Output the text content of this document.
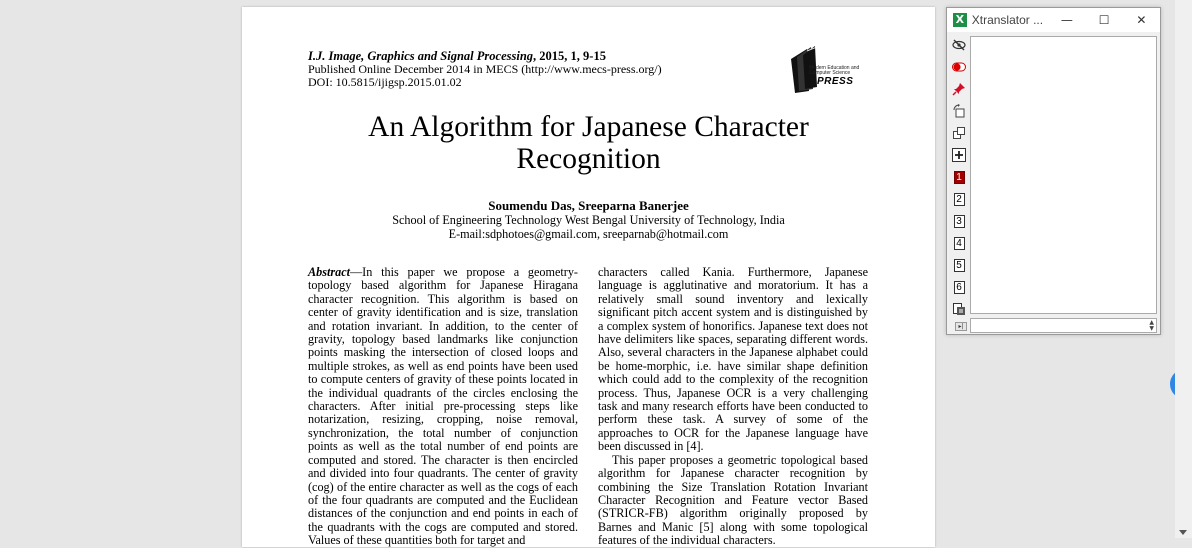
I.J. Image, Graphics and Signal Processing, 2015, 1, 9-15
Published Online December 2014 in MECS (http://www.mecs-press.org/)
DOI: 10.5815/ijigsp.2015.01.02
Modern Education and Computer Science
PRESS
An Algorithm for Japanese Character
Recognition
Soumendu Das, Sreeparna Banerjee
School of Engineering Technology West Bengal University of Technology, India
E-mail:sdphotoes@gmail.com, sreeparnab@hotmail.com

Abstract—In this paper we propose a geometry- topology based algorithm for Japanese Hiragana character recognition. This algorithm is based on center of gravity identification and is size, translation and rotation invariant. In addition, to the center of gravity, topology based landmarks like conjunction points masking the intersection of closed loops and multiple strokes, as well as end points have been used to compute centers of gravity of these points located in the individual quadrants of the circles enclosing the characters. After initial pre-processing steps like notarization, resizing, cropping, noise removal, synchronization, the total number of conjunction points as well as the total number of end points are computed and stored. The character is then encircled and divided into four quadrants. The center of gravity (cog) of the entire character as well as the cogs of each of the four quadrants are computed and the Euclidean distances of the conjunction and end points in each of the quadrants with the cogs are computed and stored. Values of these quantities both for target and

characters called Kania. Furthermore, Japanese language is agglutinative and moratorium. It has a relatively small sound inventory and lexically significant pitch accent system and is distinguished by a complex system of honorifics. Japanese text does not have delimiters like spaces, separating different words. Also, several characters in the Japanese alphabet could be home-morphic, i.e. have similar shape definition which could add to the complexity of the recognition process. Thus, Japanese OCR is a very challenging task and many research efforts have been conducted to perform these task. A survey of some of the approaches to OCR for the Japanese language have been discussed in [4].

This paper proposes a geometric topological based algorithm for Japanese character recognition by combining the Size Translation Rotation Invariant Character Recognition and Feature vector Based (STRICR-FB) algorithm originally proposed by Barnes and Manic [5] along with some topological features of the individual characters.

X Xtranslator ...	—	☐	✕
1
2
3
4
5
6
▸|
▲
▼
